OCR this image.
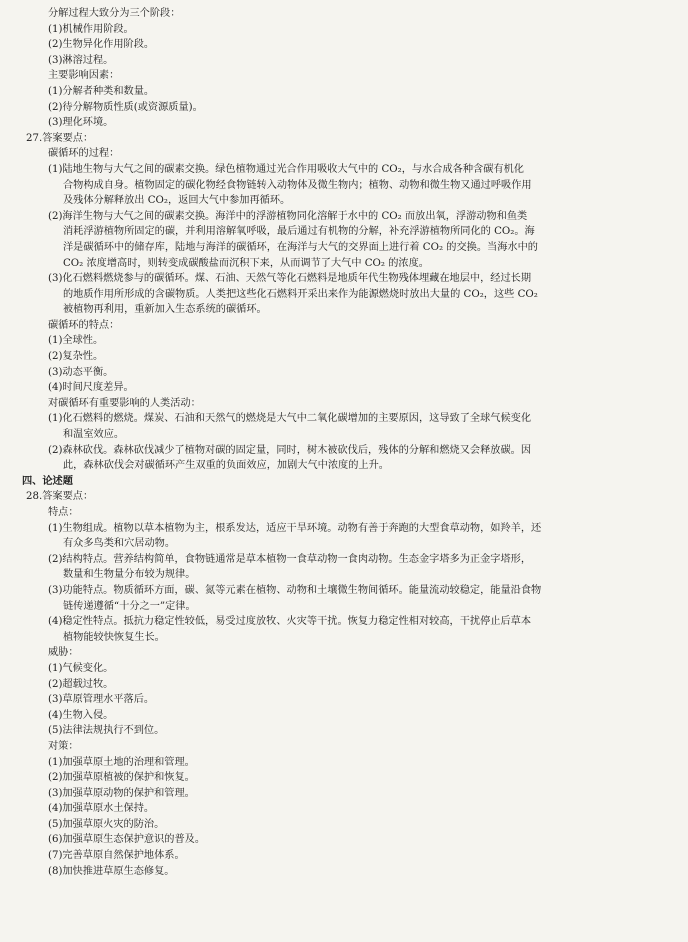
分解过程大致分为三个阶段：
(1)机械作用阶段。
(2)生物异化作用阶段。
(3)淋溶过程。
主要影响因素：
(1)分解者种类和数量。
(2)待分解物质性质(或资源质量)。
(3)理化环境。
27.答案要点：
碳循环的过程：
(1)陆地生物与大气之间的碳素交换。绿色植物通过光合作用吸收大气中的 CO₂，与水合成各种含碳有机化
合物构成自身。植物固定的碳化物经食物链转入动物体及微生物内；植物、动物和微生物又通过呼吸作用
及残体分解释放出 CO₂，返回大气中参加再循环。
(2)海洋生物与大气之间的碳素交换。海洋中的浮游植物同化溶解于水中的 CO₂ 而放出氧，浮游动物和鱼类
消耗浮游植物所固定的碳，并利用溶解氧呼吸，最后通过有机物的分解，补充浮游植物所同化的 CO₂。海
洋是碳循环中的储存库，陆地与海洋的碳循环，在海洋与大气的交界面上进行着 CO₂ 的交换。当海水中的
CO₂ 浓度增高时，则转变成碳酸盐而沉积下来，从而调节了大气中 CO₂ 的浓度。
(3)化石燃料燃烧参与的碳循环。煤、石油、天然气等化石燃料是地质年代生物残体埋藏在地层中，经过长期
的地质作用所形成的含碳物质。人类把这些化石燃料开采出来作为能源燃烧时放出大量的 CO₂，这些 CO₂
被植物再利用，重新加入生态系统的碳循环。
碳循环的特点：
(1)全球性。
(2)复杂性。
(3)动态平衡。
(4)时间尺度差异。
对碳循环有重要影响的人类活动：
(1)化石燃料的燃烧。煤炭、石油和天然气的燃烧是大气中二氧化碳增加的主要原因，这导致了全球气候变化
和温室效应。
(2)森林砍伐。森林砍伐减少了植物对碳的固定量，同时，树木被砍伐后，残体的分解和燃烧又会释放碳。因
此，森林砍伐会对碳循环产生双重的负面效应，加剧大气中浓度的上升。
四、论述题
28.答案要点：
特点：
(1)生物组成。植物以草本植物为主，根系发达，适应干旱环境。动物有善于奔跑的大型食草动物，如羚羊，还
有众多鸟类和穴居动物。
(2)结构特点。营养结构简单，食物链通常是草本植物一食草动物一食肉动物。生态金字塔多为正金字塔形，
数量和生物量分布较为规律。
(3)功能特点。物质循环方面，碳、氮等元素在植物、动物和土壤微生物间循环。能量流动较稳定，能量沿食物
链传递遵循“十分之一”定律。
(4)稳定性特点。抵抗力稳定性较低，易受过度放牧、火灾等干扰。恢复力稳定性相对较高，干扰停止后草本
植物能较快恢复生长。
威胁：
(1)气候变化。
(2)超载过牧。
(3)草原管理水平落后。
(4)生物入侵。
(5)法律法规执行不到位。
对策：
(1)加强草原土地的治理和管理。
(2)加强草原植被的保护和恢复。
(3)加强草原动物的保护和管理。
(4)加强草原水土保持。
(5)加强草原火灾的防治。
(6)加强草原生态保护意识的普及。
(7)完善草原自然保护地体系。
(8)加快推进草原生态修复。
